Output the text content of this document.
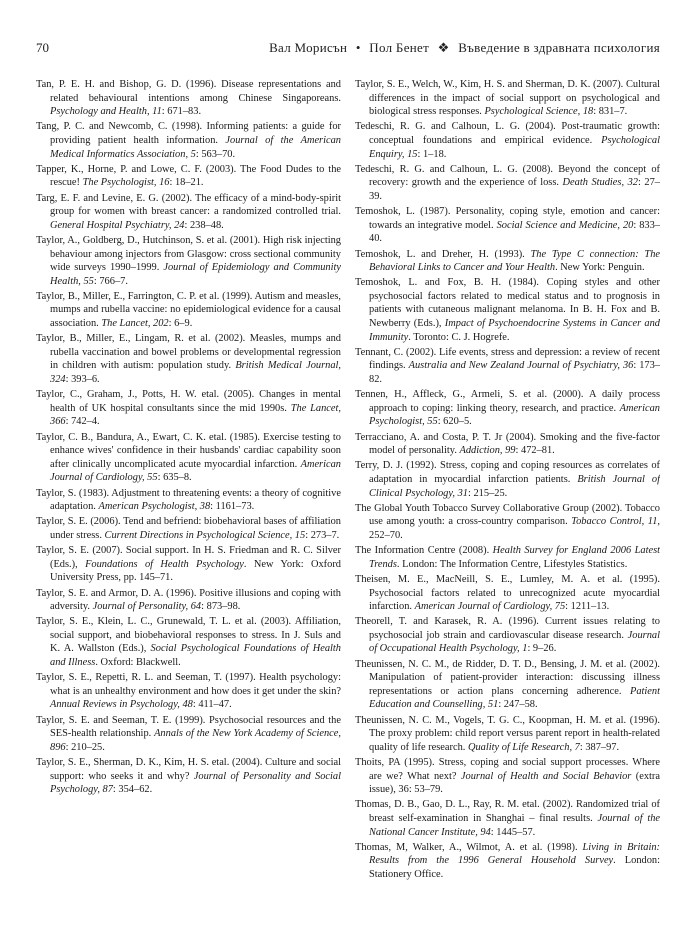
70	Вал Морисън • Пол Бенет ❖ Въведение в здравната психология

Tan, P. E. H. and Bishop, G. D. (1996). Disease representations and related behavioural intentions among Chinese Singaporeans. Psychology and Health, 11: 671–83.

Tang, P. C. and Newcomb, C. (1998). Informing patients: a guide for providing patient health information. Journal of the American Medical Informatics Association, 5: 563–70.

Tapper, K., Horne, P. and Lowe, C. F. (2003). The Food Dudes to the rescue! The Psychologist, 16: 18–21.

Targ, E. F. and Levine, E. G. (2002). The efficacy of a mind-body-spirit group for women with breast cancer: a randomized controlled trial. General Hospital Psychiatry, 24: 238–48.

Taylor, A., Goldberg, D., Hutchinson, S. et al. (2001). High risk injecting behaviour among injectors from Glasgow: cross sectional community wide surveys 1990–1999. Journal of Epidemiology and Community Health, 55: 766–7.

Taylor, B., Miller, E., Farrington, C. P. et al. (1999). Autism and measles, mumps and rubella vaccine: no epidemiological evidence for a causal association. The Lancet, 202: 6–9.

Taylor, B., Miller, E., Lingam, R. et al. (2002). Measles, mumps and rubella vaccination and bowel problems or developmental regression in children with autism: population study. British Medical Journal, 324: 393–6.

Taylor, C., Graham, J., Potts, H. W. etal. (2005). Changes in mental health of UK hospital consultants since the mid 1990s. The Lancet, 366: 742–4.

Taylor, C. B., Bandura, A., Ewart, C. K. etal. (1985). Exercise testing to enhance wives' confidence in their husbands' cardiac capability soon after clinically uncomplicated acute myocardial infarction. American Journal of Cardiology, 55: 635–8.

Taylor, S. (1983). Adjustment to threatening events: a theory of cognitive adaptation. American Psychologist, 38: 1161–73.

Taylor, S. E. (2006). Tend and befriend: biobehavioral bases of affiliation under stress. Current Directions in Psychological Science, 15: 273–7.

Taylor, S. E. (2007). Social support. In H. S. Friedman and R. C. Silver (Eds.), Foundations of Health Psychology. New York: Oxford University Press, pp. 145–71.

Taylor, S. E. and Armor, D. A. (1996). Positive illusions and coping with adversity. Journal of Personality, 64: 873–98.

Taylor, S. E., Klein, L. C., Grunewald, T. L. et al. (2003). Affiliation, social support, and biobehavioral responses to stress. In J. Suls and K. A. Wallston (Eds.), Social Psychological Foundations of Health and Illness. Oxford: Blackwell.

Taylor, S. E., Repetti, R. L. and Seeman, T. (1997). Health psychology: what is an unhealthy environment and how does it get under the skin? Annual Reviews in Psychology, 48: 411–47.

Taylor, S. E. and Seeman, T. E. (1999). Psychosocial resources and the SES-health relationship. Annals of the New York Academy of Science, 896: 210–25.

Taylor, S. E., Sherman, D. K., Kim, H. S. etal. (2004). Culture and social support: who seeks it and why? Journal of Personality and Social Psychology, 87: 354–62.

Taylor, S. E., Welch, W., Kim, H. S. and Sherman, D. K. (2007). Cultural differences in the impact of social support on psychological and biological stress responses. Psychological Science, 18: 831–7.

Tedeschi, R. G. and Calhoun, L. G. (2004). Post-traumatic growth: conceptual foundations and empirical evidence. Psychological Enquiry, 15: 1–18.

Tedeschi, R. G. and Calhoun, L. G. (2008). Beyond the concept of recovery: growth and the experience of loss. Death Studies, 32: 27–39.

Temoshok, L. (1987). Personality, coping style, emotion and cancer: towards an integrative model. Social Science and Medicine, 20: 833–40.

Temoshok, L. and Dreher, H. (1993). The Type C connection: The Behavioral Links to Cancer and Your Health. New York: Penguin.

Temoshok, L. and Fox, B. H. (1984). Coping styles and other psychosocial factors related to medical status and to prognosis in patients with cutaneous malignant melanoma. In B. H. Fox and B. Newberry (Eds.), Impact of Psychoendocrine Systems in Cancer and Immunity. Toronto: C. J. Hogrefe.

Tennant, C. (2002). Life events, stress and depression: a review of recent findings. Australia and New Zealand Journal of Psychiatry, 36: 173–82.

Tennen, H., Affleck, G., Armeli, S. et al. (2000). A daily process approach to coping: linking theory, research, and practice. American Psychologist, 55: 620–5.

Terracciano, A. and Costa, P. T. Jr (2004). Smoking and the five-factor model of personality. Addiction, 99: 472–81.

Terry, D. J. (1992). Stress, coping and coping resources as correlates of adaptation in myocardial infarction patients. British Journal of Clinical Psychology, 31: 215–25.

The Global Youth Tobacco Survey Collaborative Group (2002). Tobacco use among youth: a cross-country comparison. Tobacco Control, 11, 252–70.

The Information Centre (2008). Health Survey for England 2006 Latest Trends. London: The Information Centre, Lifestyles Statistics.

Theisen, M. E., MacNeill, S. E., Lumley, M. A. et al. (1995). Psychosocial factors related to unrecognized acute myocardial infarction. American Journal of Cardiology, 75: 1211–13.

Theorell, T. and Karasek, R. A. (1996). Current issues relating to psychosocial job strain and cardiovascular disease research. Journal of Occupational Health Psychology, 1: 9–26.

Theunissen, N. C. M., de Ridder, D. T. D., Bensing, J. M. et al. (2002). Manipulation of patient-provider interaction: discussing illness representations or action plans concerning adherence. Patient Education and Counselling, 51: 247–58.

Theunissen, N. C. M., Vogels, T. G. C., Koopman, H. M. et al. (1996). The proxy problem: child report versus parent report in health-related quality of life research. Quality of Life Research, 7: 387–97.

Thoits, PA (1995). Stress, coping and social support processes. Where are we? What next? Journal of Health and Social Behavior (extra issue), 36: 53–79.

Thomas, D. B., Gao, D. L., Ray, R. M. etal. (2002). Randomized trial of breast self-examination in Shanghai – final results. Journal of the National Cancer Institute, 94: 1445–57.

Thomas, M, Walker, A., Wilmot, A. et al. (1998). Living in Britain: Results from the 1996 General Household Survey. London: Stationery Office.
